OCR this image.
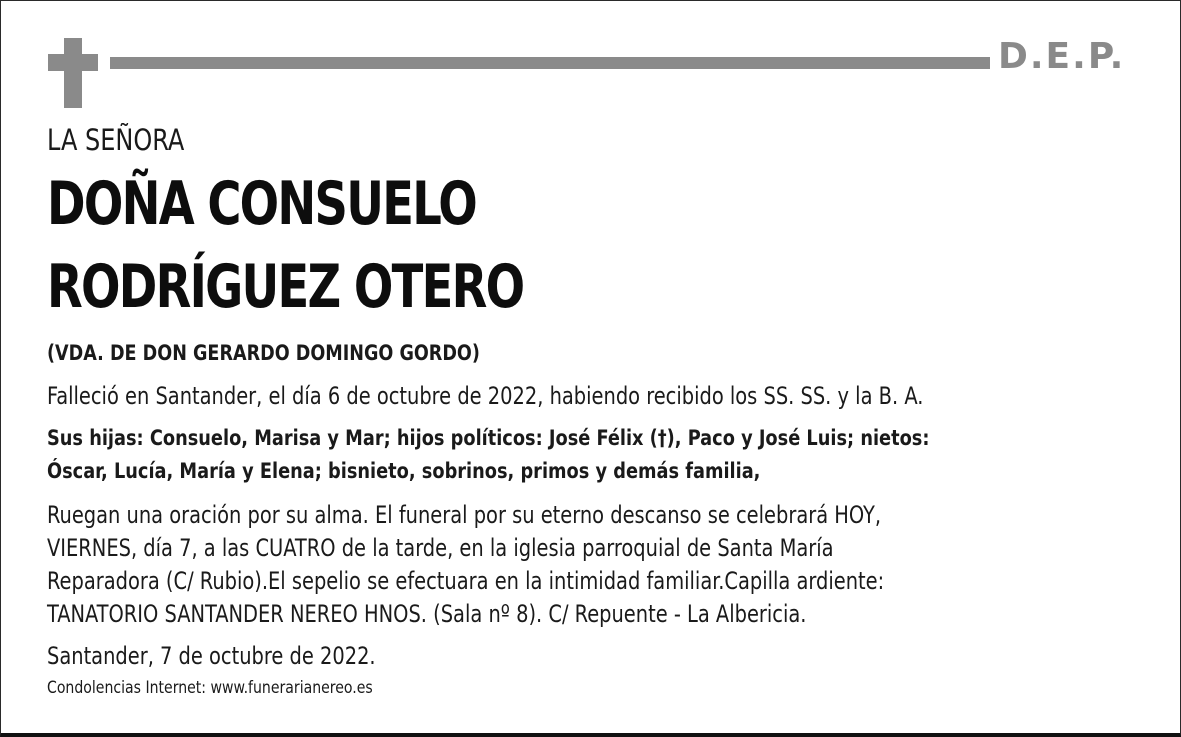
D.E.P.
LA SEÑORA
DOÑA CONSUELO
RODRÍGUEZ OTERO
(VDA. DE DON GERARDO DOMINGO GORDO)
Falleció en Santander, el día 6 de octubre de 2022, habiendo recibido los SS. SS. y la B. A.
Sus hijas: Consuelo, Marisa y Mar; hijos políticos: José Félix (†), Paco y José Luis; nietos:
Óscar, Lucía, María y Elena; bisnieto, sobrinos, primos y demás familia,
Ruegan una oración por su alma. El funeral por su eterno descanso se celebrará HOY,
VIERNES, día 7, a las CUATRO de la tarde, en la iglesia parroquial de Santa María
Reparadora (C/ Rubio).El sepelio se efectuara en la intimidad familiar.Capilla ardiente:
TANATORIO SANTANDER NEREO HNOS. (Sala nº 8). C/ Repuente - La Albericia.
Santander, 7 de octubre de 2022.
Condolencias Internet: www.funerarianereo.es
